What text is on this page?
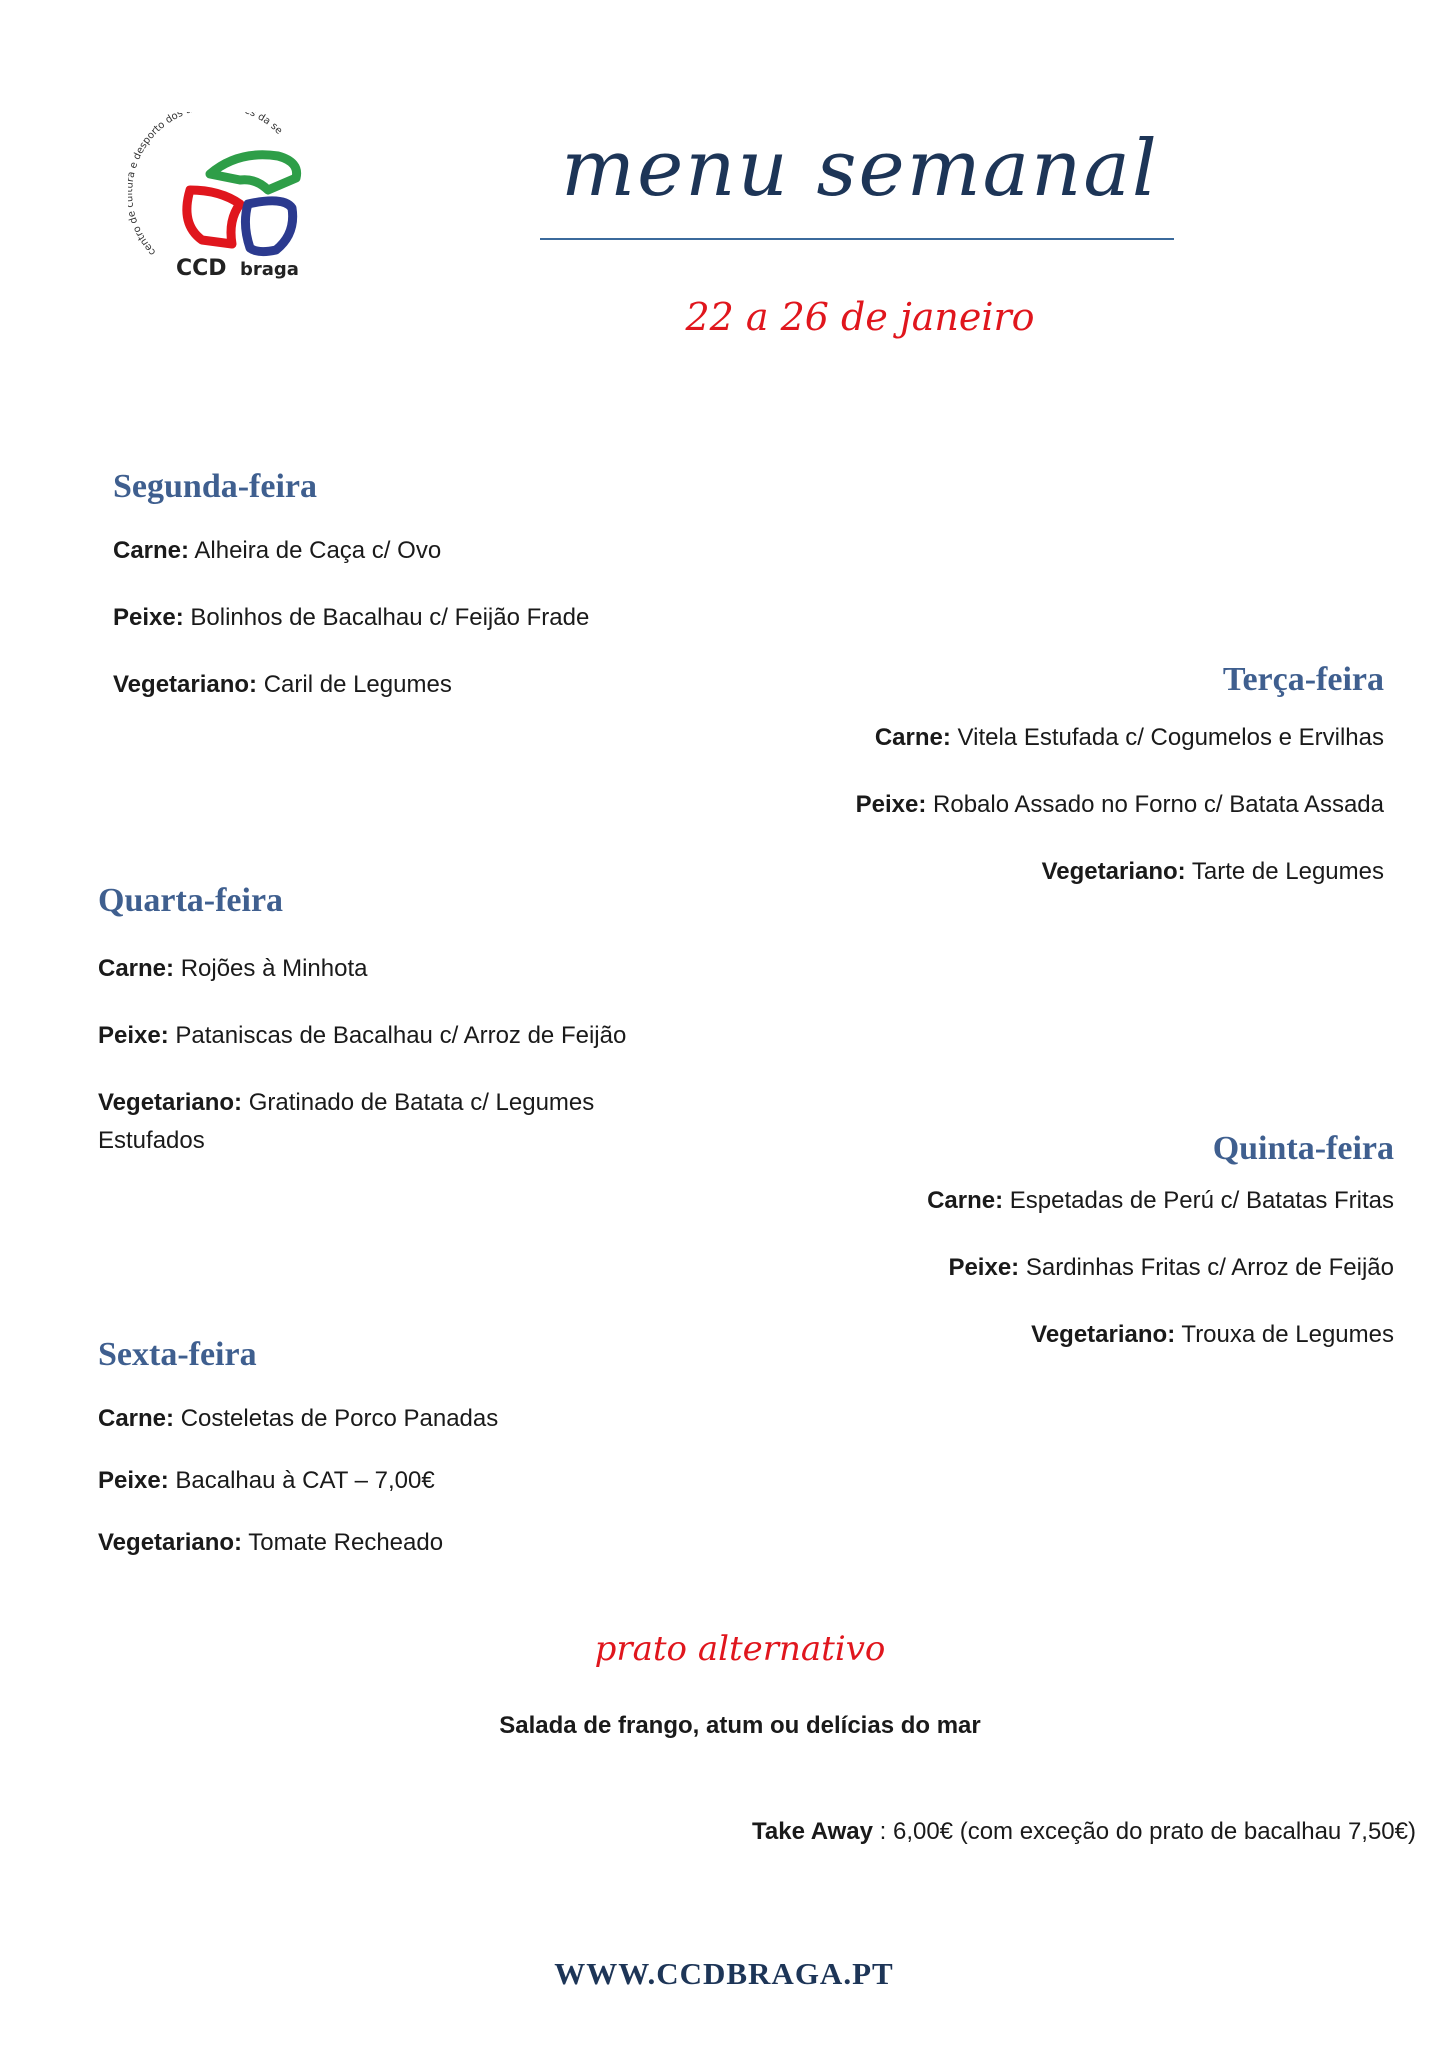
centro d e desporto dos s da se
CCD braga
menu semanal
22 a 26 de janeiro
Segunda-feira
Carne: Alheira de Caça c/ Ovo
Peixe: Bolinhos de Bacalhau c/ Feijão Frade
Vegetariano: Caril de Legumes	Terça-feira
Carne: Vitela Estufada c/ Cogumelos e Ervilhas
Peixe: Robalo Assado no Forno c/ Batata Assada
Vegetariano: Tarte de Legumes
Quarta-feira
Carne: Rojões à Minhota
Peixe: Pataniscas de Bacalhau c/ Arroz de Feijão
Vegetariano: Gratinado de Batata c/ Legumes
Estufados	Quinta-feira
Carne: Espetadas de Perú c/ Batatas Fritas
Peixe: Sardinhas Fritas c/ Arroz de Feijão
Vegetariano: Trouxa de Legumes
Sexta-feira
Carne: Costeletas de Porco Panadas
Peixe: Bacalhau à CAT – 7,00€
Vegetariano: Tomate Recheado
prato alternativo
Salada de frango, atum ou delícias do mar
Take Away : 6,00€ (com exceção do prato de bacalhau 7,50€)
WWW.CCDBRAGA.PT
